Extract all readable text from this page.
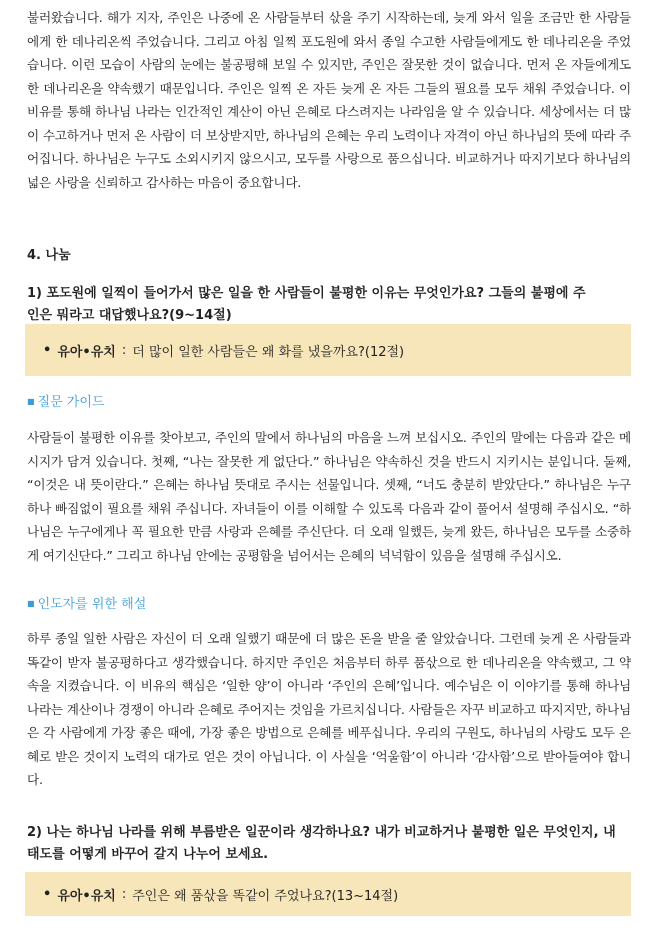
불러왔습니다. 해가 지자, 주인은 나중에 온 사람들부터 삯을 주기 시작하는데, 늦게 와서 일을 조금만 한 사람들에게 한 데나리온씩 주었습니다. 그리고 아침 일찍 포도원에 와서 종일 수고한 사람들에게도 한 데나리온을 주었습니다. 이런 모습이 사람의 눈에는 불공평해 보일 수 있지만, 주인은 잘못한 것이 없습니다. 먼저 온 자들에게도 한 데나리온을 약속했기 때문입니다. 주인은 일찍 온 자든 늦게 온 자든 그들의 필요를 모두 채워 주었습니다. 이 비유를 통해 하나님 나라는 인간적인 계산이 아닌 은혜로 다스려지는 나라임을 알 수 있습니다. 세상에서는 더 많이 수고하거나 먼저 온 사람이 더 보상받지만, 하나님의 은혜는 우리 노력이나 자격이 아닌 하나님의 뜻에 따라 주어집니다. 하나님은 누구도 소외시키지 않으시고, 모두를 사랑으로 품으십니다. 비교하거나 따지기보다 하나님의 넓은 사랑을 신뢰하고 감사하는 마음이 중요합니다.

4. 나눔

1) 포도원에 일찍이 들어가서 많은 일을 한 사람들이 불평한 이유는 무엇인가요? 그들의 불평에 주인은 뭐라고 대답했나요?(9~14절)

• 유아•유치 : 더 많이 일한 사람들은 왜 화를 냈을까요?(12절)

■ 질문 가이드

사람들이 불평한 이유를 찾아보고, 주인의 말에서 하나님의 마음을 느껴 보십시오. 주인의 말에는 다음과 같은 메시지가 담겨 있습니다. 첫째, “나는 잘못한 게 없단다.” 하나님은 약속하신 것을 반드시 지키시는 분입니다. 둘째, “이것은 내 뜻이란다.” 은혜는 하나님 뜻대로 주시는 선물입니다. 셋째, “너도 충분히 받았단다.” 하나님은 누구 하나 빠짐없이 필요를 채워 주십니다. 자녀들이 이를 이해할 수 있도록 다음과 같이 풀어서 설명해 주십시오. “하나님은 누구에게나 꼭 필요한 만큼 사랑과 은혜를 주신단다. 더 오래 일했든, 늦게 왔든, 하나님은 모두를 소중하게 여기신단다.” 그리고 하나님 안에는 공평함을 넘어서는 은혜의 넉넉함이 있음을 설명해 주십시오.

■ 인도자를 위한 해설

하루 종일 일한 사람은 자신이 더 오래 일했기 때문에 더 많은 돈을 받을 줄 알았습니다. 그런데 늦게 온 사람들과 똑같이 받자 불공평하다고 생각했습니다. 하지만 주인은 처음부터 하루 품삯으로 한 데나리온을 약속했고, 그 약속을 지켰습니다. 이 비유의 핵심은 ‘일한 양’이 아니라 ‘주인의 은혜’입니다. 예수님은 이 이야기를 통해 하나님 나라는 계산이나 경쟁이 아니라 은혜로 주어지는 것임을 가르치십니다. 사람들은 자꾸 비교하고 따지지만, 하나님은 각 사람에게 가장 좋은 때에, 가장 좋은 방법으로 은혜를 베푸십니다. 우리의 구원도, 하나님의 사랑도 모두 은혜로 받은 것이지 노력의 대가로 얻은 것이 아닙니다. 이 사실을 ‘억울함’이 아니라 ‘감사함’으로 받아들여야 합니다.

2) 나는 하나님 나라를 위해 부름받은 일꾼이라 생각하나요? 내가 비교하거나 불평한 일은 무엇인지, 내 태도를 어떻게 바꾸어 갈지 나누어 보세요.

• 유아•유치 : 주인은 왜 품삯을 똑같이 주었나요?(13~14절)
